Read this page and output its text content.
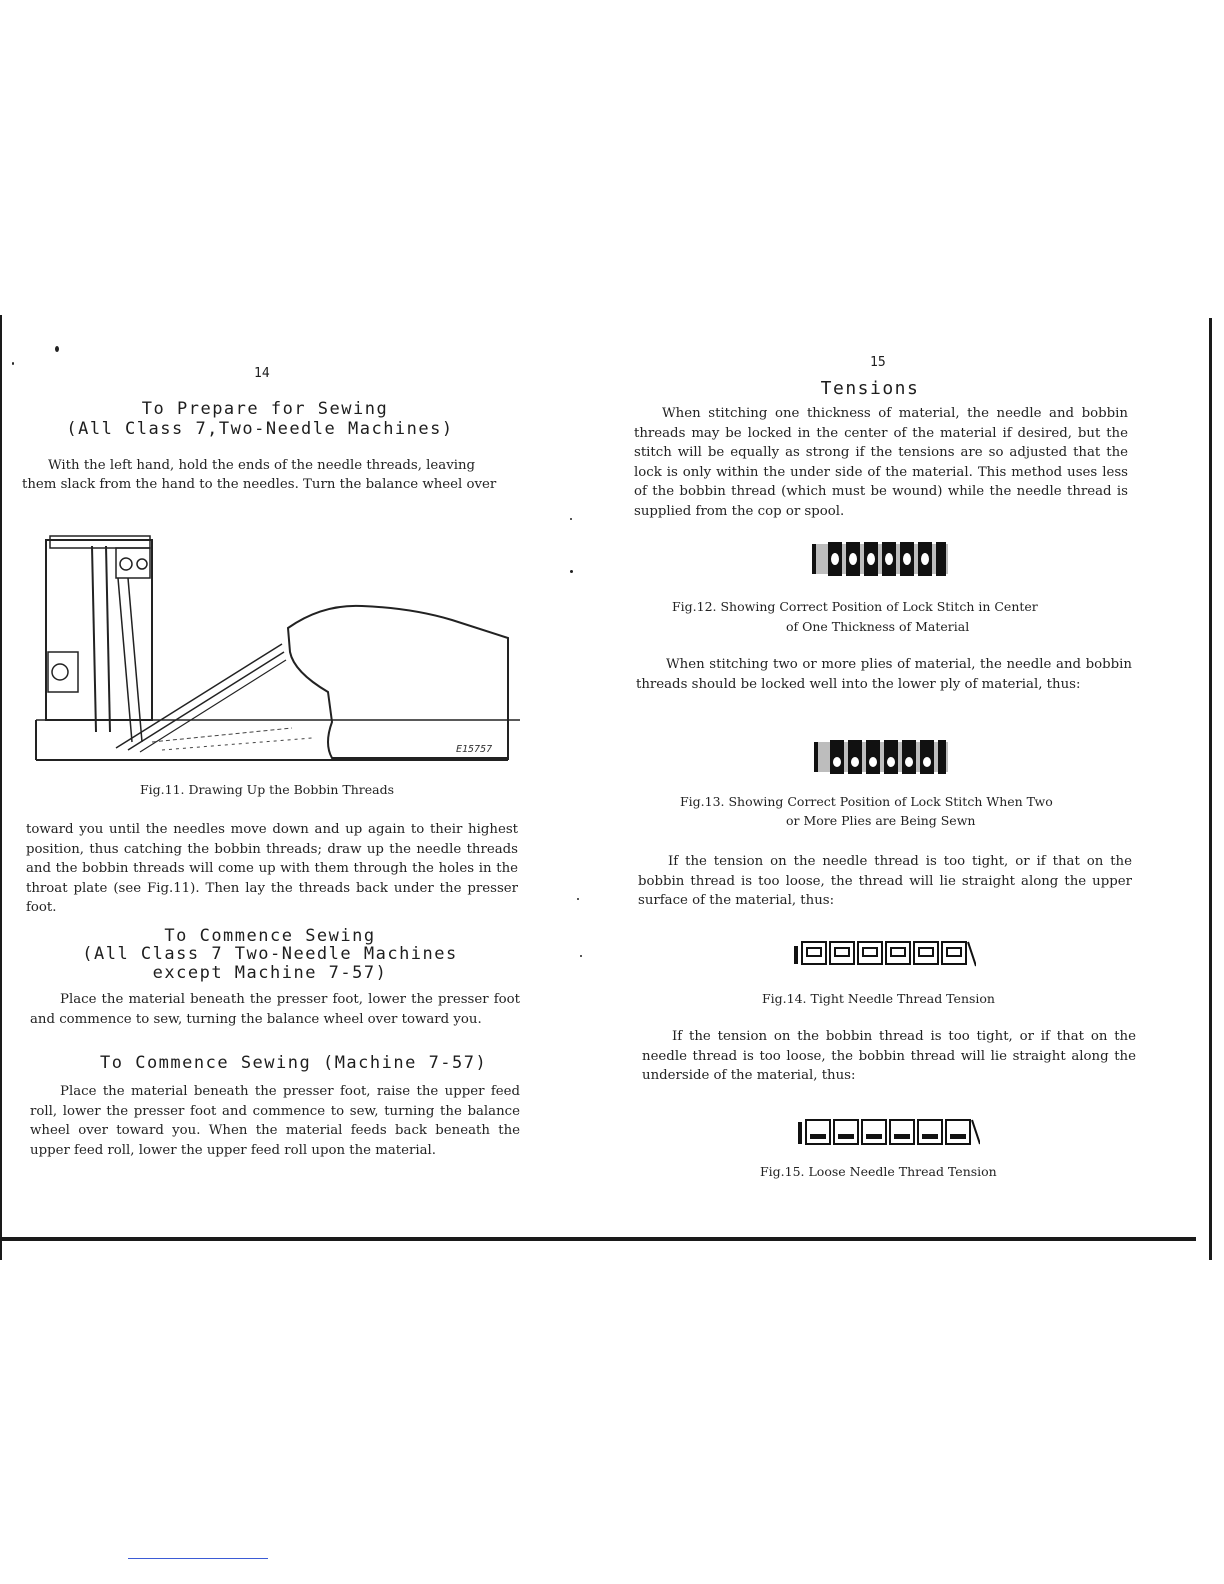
14
To Prepare for Sewing
(All Class 7,Two-Needle Machines)
With the left hand, hold the ends of the needle threads, leaving
them slack from the hand to the needles. Turn the balance wheel over
E15757
Fig.11. Drawing Up the Bobbin Threads
toward you until the needles move down and up again to their highest position, thus catching the bobbin threads; draw up the needle threads and the bobbin threads will come up with them through the holes in the throat plate (see Fig.11). Then lay the threads back under the presser foot.
To Commence Sewing
(All Class 7 Two-Needle Machines
except Machine 7-57)
Place the material beneath the presser foot, lower the presser foot and commence to sew, turning the balance wheel over toward you.
To Commence Sewing (Machine 7-57)
Place the material beneath the presser foot, raise the upper feed roll, lower the presser foot and commence to sew, turning the balance wheel over toward you. When the material feeds back beneath the upper feed roll, lower the upper feed roll upon the material.
15
Tensions
When stitching one thickness of material, the needle and bobbin threads may be locked in the center of the material if desired, but the stitch will be equally as strong if the tensions are so adjusted that the lock is only within the under side of the material. This method uses less of the bobbin thread (which must be wound) while the needle thread is supplied from the cop or spool.
Fig.12. Showing Correct Position of Lock Stitch in Center
of One Thickness of Material
When stitching two or more plies of material, the needle and bobbin threads should be locked well into the lower ply of material, thus:
Fig.13. Showing Correct Position of Lock Stitch When Two
or More Plies are Being Sewn
If the tension on the needle thread is too tight, or if that on the bobbin thread is too loose, the thread will lie straight along the upper surface of the material, thus:
Fig.14. Tight Needle Thread Tension
If the tension on the bobbin thread is too tight, or if that on the needle thread is too loose, the bobbin thread will lie straight along the underside of the material, thus:
Fig.15. Loose Needle Thread Tension
